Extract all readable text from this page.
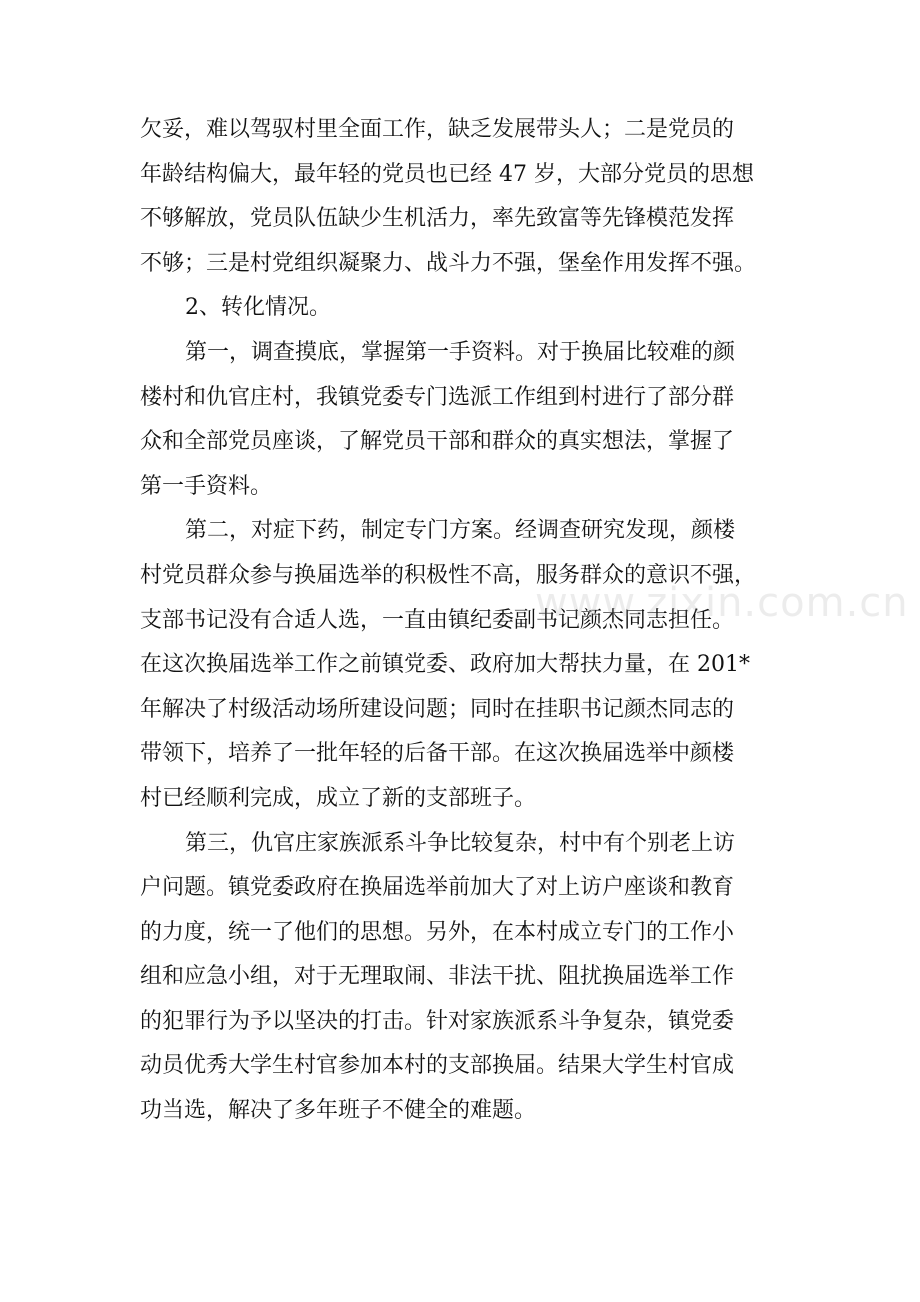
欠妥，难以驾驭村里全面工作，缺乏发展带头人；二是党员的
年龄结构偏大，最年轻的党员也已经 47 岁，大部分党员的思想
不够解放，党员队伍缺少生机活力，率先致富等先锋模范发挥
不够；三是村党组织凝聚力、战斗力不强，堡垒作用发挥不强。
2、转化情况。
第一，调查摸底，掌握第一手资料。对于换届比较难的颜
楼村和仇官庄村，我镇党委专门选派工作组到村进行了部分群
众和全部党员座谈，了解党员干部和群众的真实想法，掌握了
第一手资料。
第二，对症下药，制定专门方案。经调查研究发现，颜楼
村党员群众参与换届选举的积极性不高，服务群众的意识不强，
支部书记没有合适人选，一直由镇纪委副书记颜杰同志担任。
在这次换届选举工作之前镇党委、政府加大帮扶力量，在 201*
年解决了村级活动场所建设问题；同时在挂职书记颜杰同志的
带领下，培养了一批年轻的后备干部。在这次换届选举中颜楼
村已经顺利完成，成立了新的支部班子。
第三，仇官庄家族派系斗争比较复杂，村中有个别老上访
户问题。镇党委政府在换届选举前加大了对上访户座谈和教育
的力度，统一了他们的思想。另外，在本村成立专门的工作小
组和应急小组，对于无理取闹、非法干扰、阻扰换届选举工作
的犯罪行为予以坚决的打击。针对家族派系斗争复杂，镇党委
动员优秀大学生村官参加本村的支部换届。结果大学生村官成
功当选，解决了多年班子不健全的难题。
www.zixin.com.cn
